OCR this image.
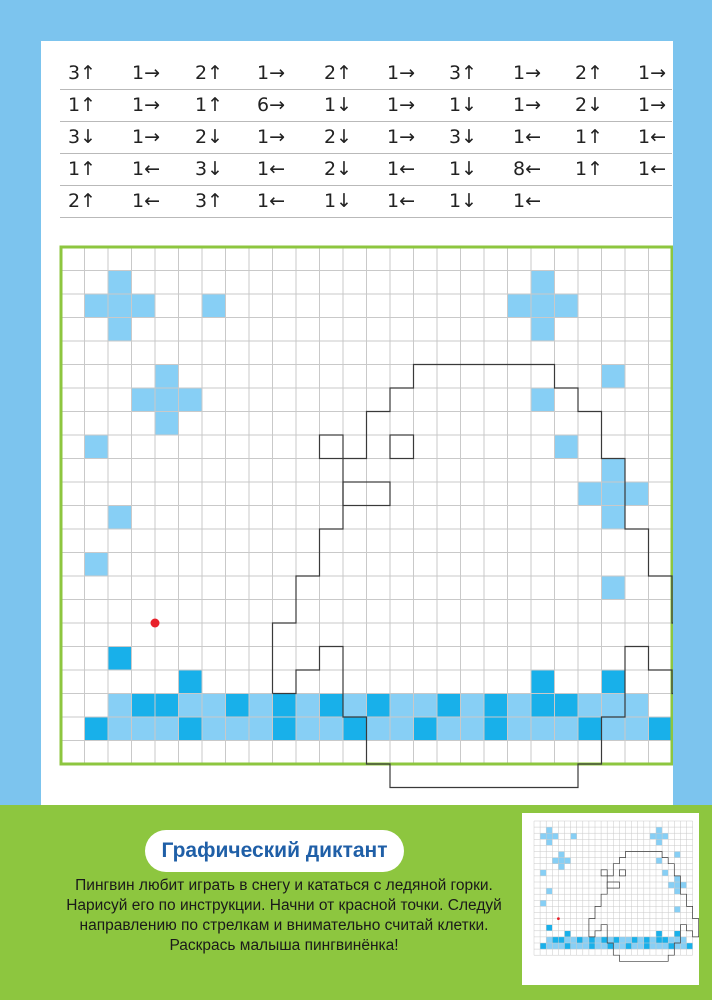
3↑ 1→ 2↑ 1→ 2↑ 1→ 3↑ 1→ 2↑ 1→
1↑ 1→ 1↑ 6→ 1↓ 1→ 1↓ 1→ 2↓ 1→
3↓ 1→ 2↓ 1→ 2↓ 1→ 3↓ 1← 1↑ 1←
1↑ 1← 3↓ 1← 2↓ 1← 1↓ 8← 1↑ 1←
2↑ 1← 3↑ 1← 1↓ 1← 1↓ 1←
Графический диктант
Пингвин любит играть в снегу и кататься с ледяной горки. Нарисуй его по инструкции. Начни от красной точки. Следуй направлению по стрелкам и внимательно считай клетки. Раскрась малыша пингвинёнка!
